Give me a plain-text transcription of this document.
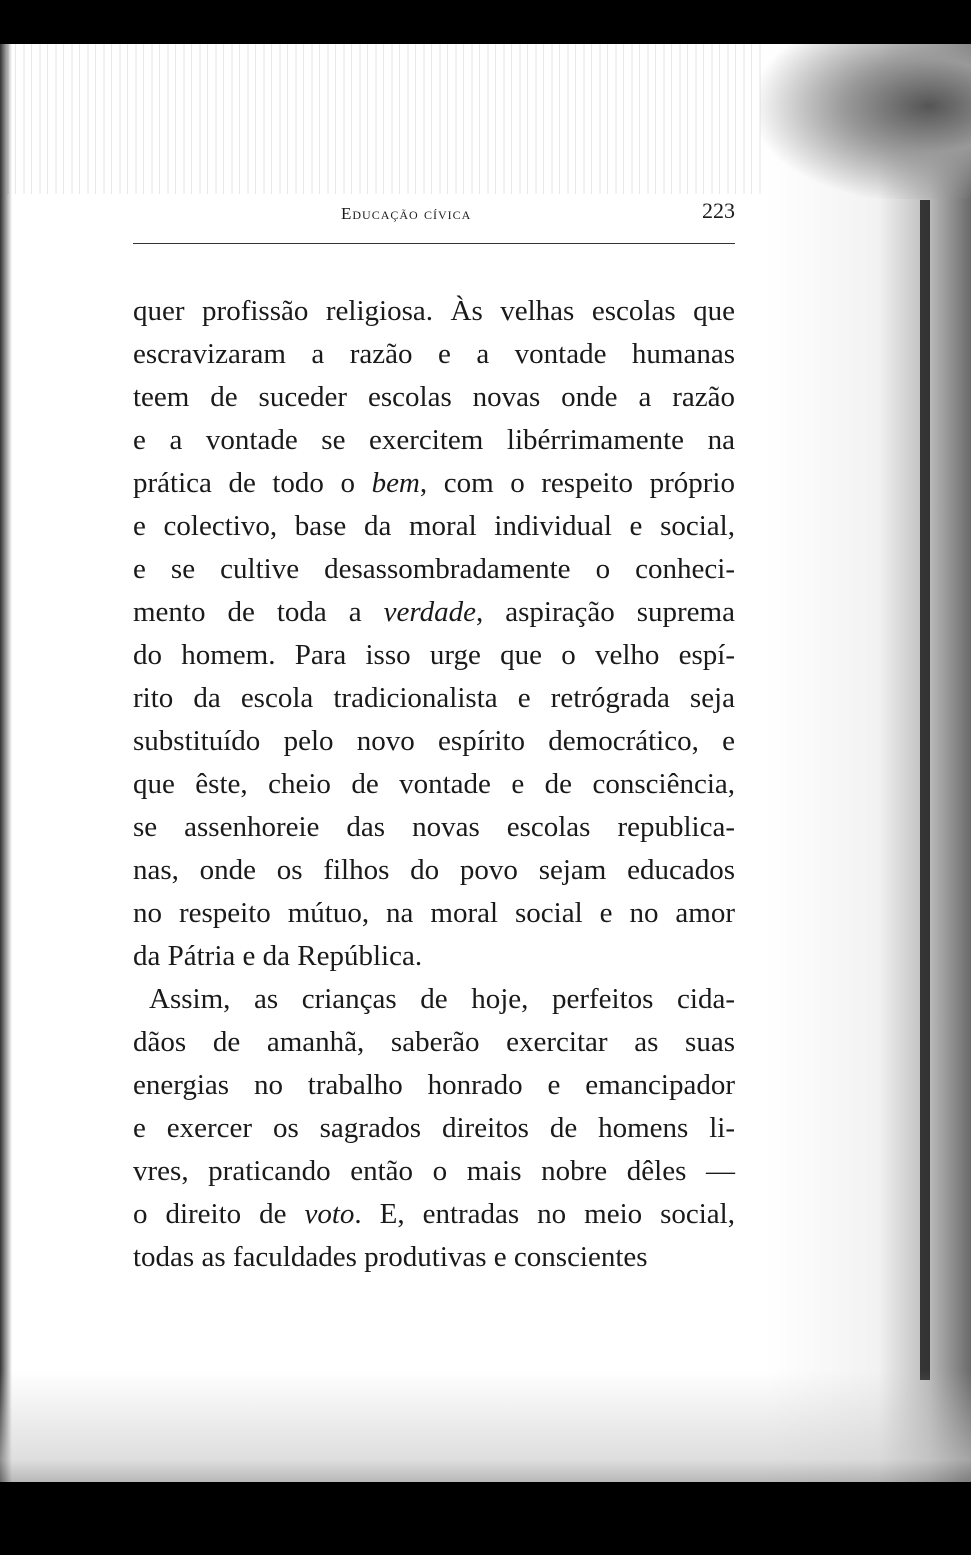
Educação cívica	223
quer profissão religiosa. Às velhas escolas que
escravizaram a razão e a vontade humanas
teem de suceder escolas novas onde a razão
e a vontade se exercitem libérrimamente na
prática de todo o bem, com o respeito próprio
e colectivo, base da moral individual e social,
e se cultive desassombradamente o conheci-
mento de toda a verdade, aspiração suprema
do homem. Para isso urge que o velho espí-
rito da escola tradicionalista e retrógrada seja
substituído pelo novo espírito democrático, e
que êste, cheio de vontade e de consciência,
se assenhoreie das novas escolas republica-
nas, onde os filhos do povo sejam educados
no respeito mútuo, na moral social e no amor
da Pátria e da República.
Assim, as crianças de hoje, perfeitos cida-
dãos de amanhã, saberão exercitar as suas
energias no trabalho honrado e emancipador
e exercer os sagrados direitos de homens li-
vres, praticando então o mais nobre dêles —
o direito de voto. E, entradas no meio social,
todas as faculdades produtivas e conscientes
